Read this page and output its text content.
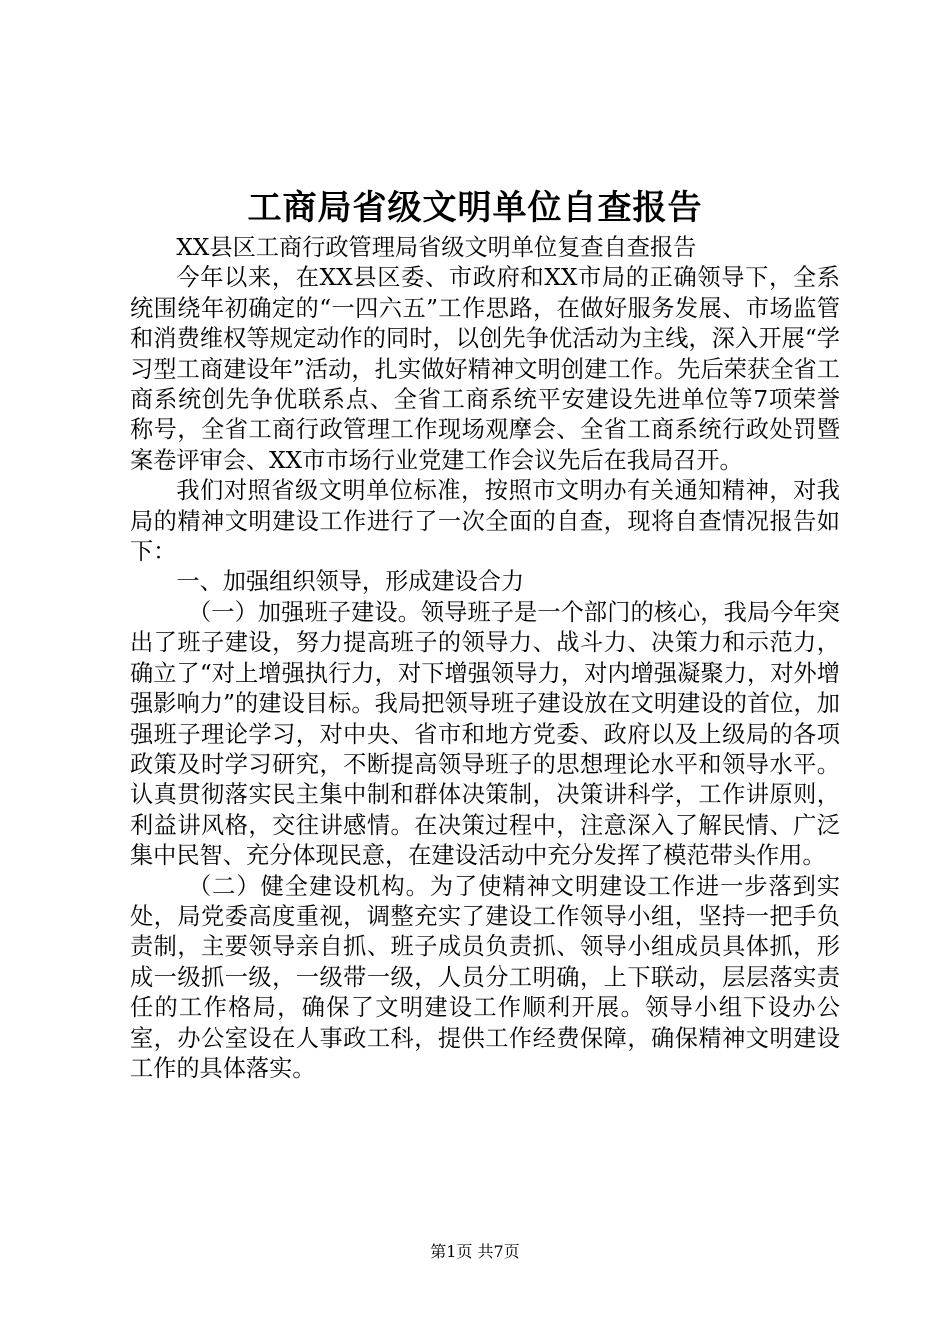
工商局省级文明单位自查报告

XX县区工商行政管理局省级文明单位复查自查报告

今年以来，在XX县区委、市政府和XX市局的正确领导下，全系统围绕年初确定的“一四六五”工作思路，在做好服务发展、市场监管和消费维权等规定动作的同时，以创先争优活动为主线，深入开展“学习型工商建设年”活动，扎实做好精神文明创建工作。先后荣获全省工商系统创先争优联系点、全省工商系统平安建设先进单位等7项荣誉称号，全省工商行政管理工作现场观摩会、全省工商系统行政处罚暨案卷评审会、XX市市场行业党建工作会议先后在我局召开。

我们对照省级文明单位标准，按照市文明办有关通知精神，对我局的精神文明建设工作进行了一次全面的自查，现将自查情况报告如下：

一、加强组织领导，形成建设合力

（一）加强班子建设。领导班子是一个部门的核心，我局今年突出了班子建设，努力提高班子的领导力、战斗力、决策力和示范力，确立了“对上增强执行力，对下增强领导力，对内增强凝聚力，对外增强影响力”的建设目标。我局把领导班子建设放在文明建设的首位，加强班子理论学习，对中央、省市和地方党委、政府以及上级局的各项政策及时学习研究，不断提高领导班子的思想理论水平和领导水平。认真贯彻落实民主集中制和群体决策制，决策讲科学，工作讲原则，利益讲风格，交往讲感情。在决策过程中，注意深入了解民情、广泛集中民智、充分体现民意，在建设活动中充分发挥了模范带头作用。

（二）健全建设机构。为了使精神文明建设工作进一步落到实处，局党委高度重视，调整充实了建设工作领导小组，坚持一把手负责制，主要领导亲自抓、班子成员负责抓、领导小组成员具体抓，形成一级抓一级，一级带一级，人员分工明确，上下联动，层层落实责任的工作格局，确保了文明建设工作顺利开展。领导小组下设办公室，办公室设在人事政工科，提供工作经费保障，确保精神文明建设工作的具体落实。

第1页 共7页
